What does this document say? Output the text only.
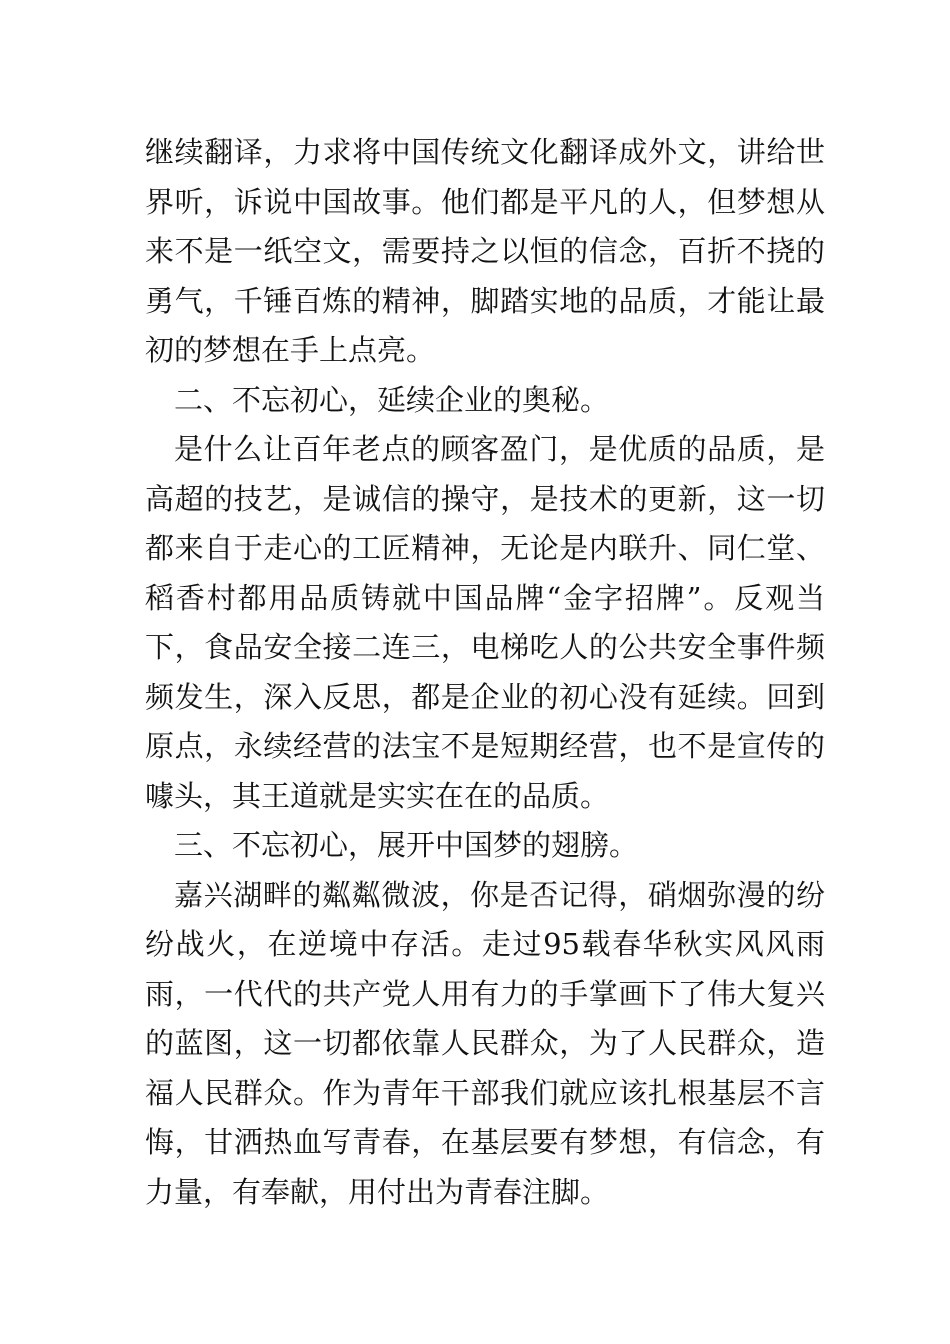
继续翻译，力求将中国传统文化翻译成外文，讲给世界听，诉说中国故事。他们都是平凡的人，但梦想从来不是一纸空文，需要持之以恒的信念，百折不挠的勇气，千锤百炼的精神，脚踏实地的品质，才能让最初的梦想在手上点亮。

二、不忘初心，延续企业的奥秘。

是什么让百年老点的顾客盈门，是优质的品质，是高超的技艺，是诚信的操守，是技术的更新，这一切都来自于走心的工匠精神，无论是内联升、同仁堂、稻香村都用品质铸就中国品牌“金字招牌”。反观当下，食品安全接二连三，电梯吃人的公共安全事件频频发生，深入反思，都是企业的初心没有延续。回到原点，永续经营的法宝不是短期经营，也不是宣传的噱头，其王道就是实实在在的品质。

三、不忘初心，展开中国梦的翅膀。

嘉兴湖畔的粼粼微波，你是否记得，硝烟弥漫的纷纷战火，在逆境中存活。走过95载春华秋实风风雨雨，一代代的共产党人用有力的手掌画下了伟大复兴的蓝图，这一切都依靠人民群众，为了人民群众，造福人民群众。作为青年干部我们就应该扎根基层不言悔，甘洒热血写青春，在基层要有梦想，有信念，有力量，有奉献，用付出为青春注脚。
